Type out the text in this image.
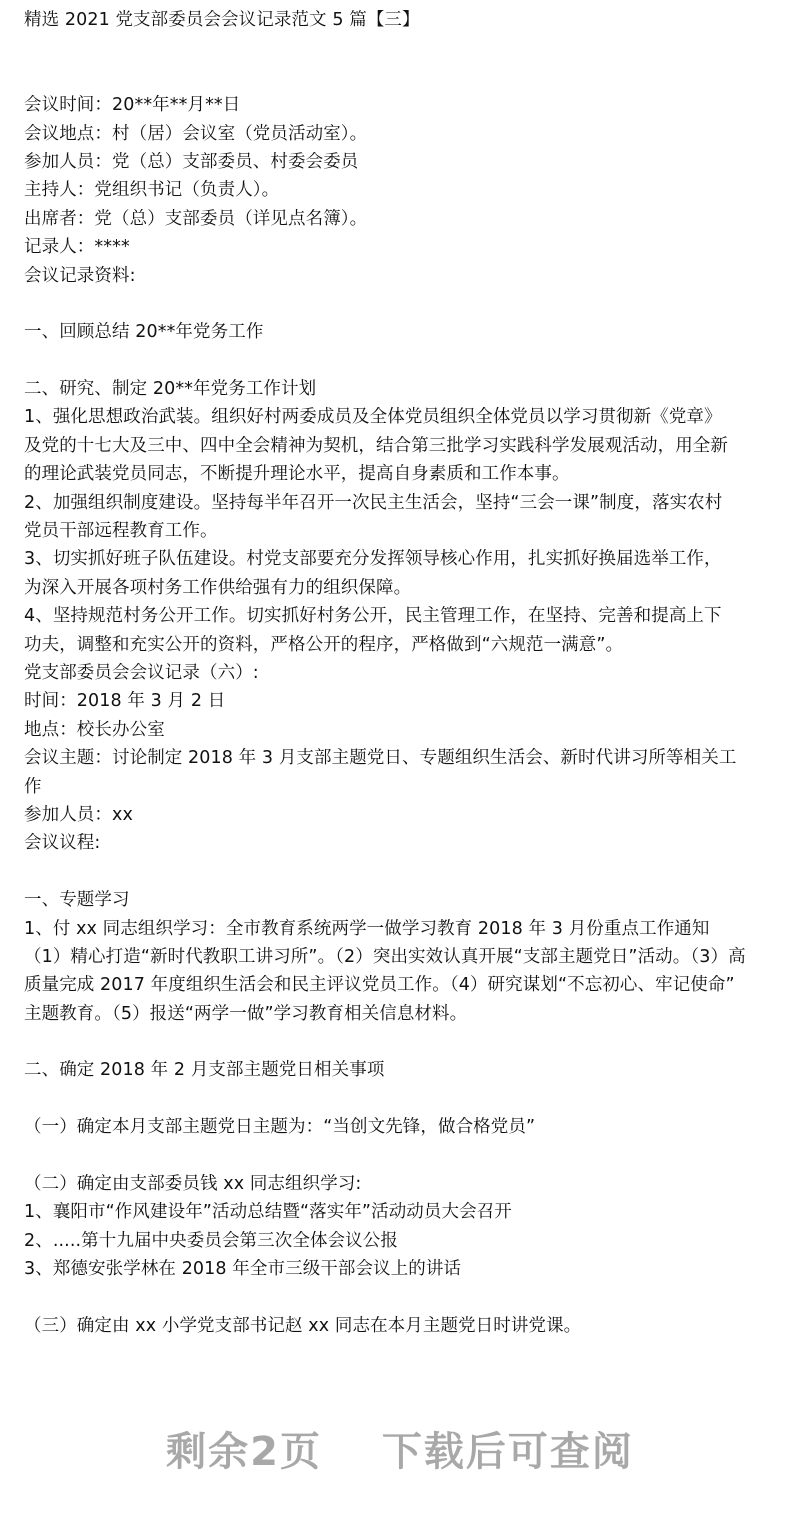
精选 2021 党支部委员会会议记录范文 5 篇【三】
会议时间：20**年**月**日
会议地点：村（居）会议室（党员活动室）。
参加人员：党（总）支部委员、村委会委员
主持人：党组织书记（负责人）。
出席者：党（总）支部委员（详见点名簿）。
记录人：****
会议记录资料:
一、回顾总结 20**年党务工作
二、研究、制定 20**年党务工作计划
1、强化思想政治武装。组织好村两委成员及全体党员组织全体党员以学习贯彻新《党章》
及党的十七大及三中、四中全会精神为契机，结合第三批学习实践科学发展观活动，用全新
的理论武装党员同志，不断提升理论水平，提高自身素质和工作本事。
2、加强组织制度建设。坚持每半年召开一次民主生活会，坚持“三会一课”制度，落实农村
党员干部远程教育工作。
3、切实抓好班子队伍建设。村党支部要充分发挥领导核心作用，扎实抓好换届选举工作，
为深入开展各项村务工作供给强有力的组织保障。
4、坚持规范村务公开工作。切实抓好村务公开，民主管理工作，在坚持、完善和提高上下
功夫，调整和充实公开的资料，严格公开的程序，严格做到“六规范一满意”。
党支部委员会会议记录（六）:
时间：2018 年 3 月 2 日
地点：校长办公室
会议主题：讨论制定 2018 年 3 月支部主题党日、专题组织生活会、新时代讲习所等相关工
作
参加人员：xx
会议议程:
一、专题学习
1、付 xx 同志组织学习：全市教育系统两学一做学习教育 2018 年 3 月份重点工作通知
（1）精心打造“新时代教职工讲习所”。（2）突出实效认真开展“支部主题党日”活动。（3）高
质量完成 2017 年度组织生活会和民主评议党员工作。（4）研究谋划“不忘初心、牢记使命”
主题教育。（5）报送“两学一做”学习教育相关信息材料。
二、确定 2018 年 2 月支部主题党日相关事项
（一）确定本月支部主题党日主题为：“当创文先锋，做合格党员”
（二）确定由支部委员钱 xx 同志组织学习:
1、襄阳市“作风建设年”活动总结暨“落实年”活动动员大会召开
2、.....第十九届中央委员会第三次全体会议公报
3、郑德安张学林在 2018 年全市三级干部会议上的讲话
（三）确定由 xx 小学党支部书记赵 xx 同志在本月主题党日时讲党课。
剩余2页 下载后可查阅
